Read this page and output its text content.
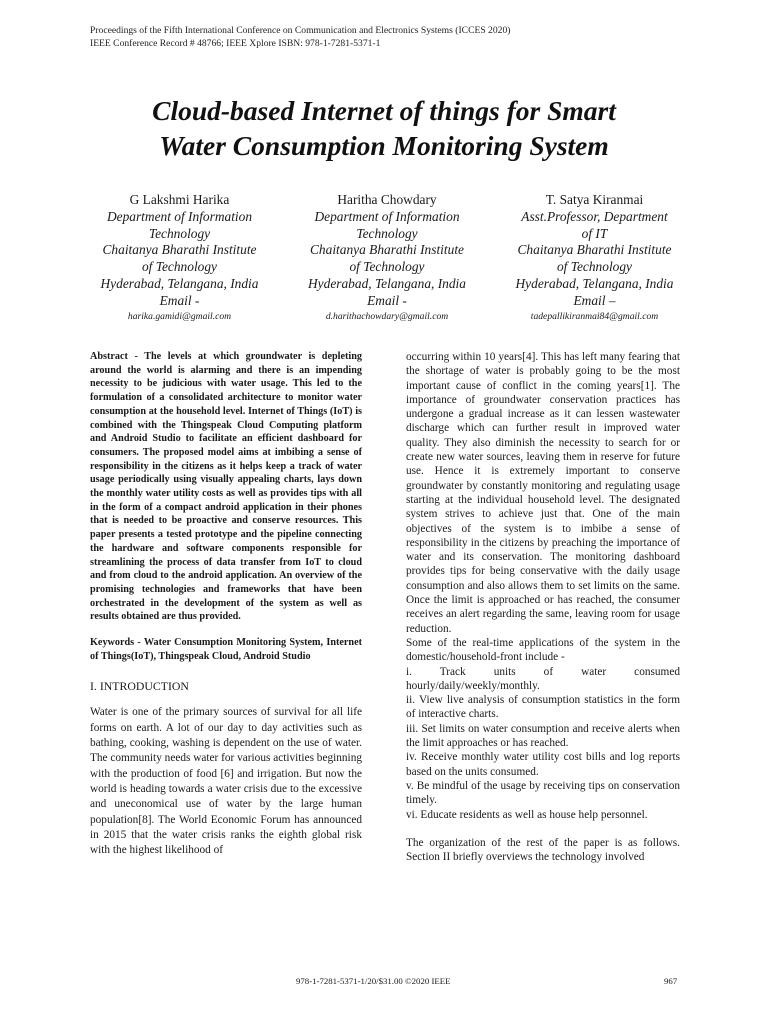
Proceedings of the Fifth International Conference on Communication and Electronics Systems (ICCES 2020)
IEEE Conference Record # 48766; IEEE Xplore ISBN: 978-1-7281-5371-1
Cloud-based Internet of things for Smart
Water Consumption Monitoring System
G Lakshmi Harika
Department of Information
Technology
Chaitanya Bharathi Institute
of Technology
Hyderabad, Telangana, India
Email -
harika.gamidi@gmail.com
Haritha Chowdary
Department of Information
Technology
Chaitanya Bharathi Institute
of Technology
Hyderabad, Telangana, India
Email -
d.harithachowdary@gmail.com
T. Satya Kiranmai
Asst.Professor, Department
of IT
Chaitanya Bharathi Institute
of Technology
Hyderabad, Telangana, India
Email –
tadepallikiranmai84@gmail.com

Abstract - The levels at which groundwater is depleting around the world is alarming and there is an impending necessity to be judicious with water usage. This led to the formulation of a consolidated architecture to monitor water consumption at the household level. Internet of Things (IoT) is combined with the Thingspeak Cloud Computing platform and Android Studio to facilitate an efficient dashboard for consumers. The proposed model aims at imbibing a sense of responsibility in the citizens as it helps keep a track of water usage periodically using visually appealing charts, lays down the monthly water utility costs as well as provides tips with all in the form of a compact android application in their phones that is needed to be proactive and conserve resources. This paper presents a tested prototype and the pipeline connecting the hardware and software components responsible for streamlining the process of data transfer from IoT to cloud and from cloud to the android application. An overview of the promising technologies and frameworks that have been orchestrated in the development of the system as well as results obtained are thus provided.

Keywords - Water Consumption Monitoring System, Internet of Things(IoT), Thingspeak Cloud, Android Studio

I. INTRODUCTION

Water is one of the primary sources of survival for all life forms on earth. A lot of our day to day activities such as bathing, cooking, washing is dependent on the use of water. The community needs water for various activities beginning with the production of food [6] and irrigation. But now the world is heading towards a water crisis due to the excessive and uneconomical use of water by the large human population[8]. The World Economic Forum has announced in 2015 that the water crisis ranks the eighth global risk with the highest likelihood of

occurring within 10 years[4]. This has left many fearing that the shortage of water is probably going to be the most important cause of conflict in the coming years[1]. The importance of groundwater conservation practices has undergone a gradual increase as it can lessen wastewater discharge which can further result in improved water quality. They also diminish the necessity to search for or create new water sources, leaving them in reserve for future use. Hence it is extremely important to conserve groundwater by constantly monitoring and regulating usage starting at the individual household level. The designated system strives to achieve just that. One of the main objectives of the system is to imbibe a sense of responsibility in the citizens by preaching the importance of water and its conservation. The monitoring dashboard provides tips for being conservative with the daily usage consumption and also allows them to set limits on the same. Once the limit is approached or has reached, the consumer receives an alert regarding the same, leaving room for usage reduction.

Some of the real-time applications of the system in the domestic/household-front include -

i. Track units of water consumed hourly/daily/weekly/monthly.

ii. View live analysis of consumption statistics in the form of interactive charts.

iii. Set limits on water consumption and receive alerts when the limit approaches or has reached.

iv. Receive monthly water utility cost bills and log reports based on the units consumed.

v. Be mindful of the usage by receiving tips on conservation timely.

vi. Educate residents as well as house help personnel.

The organization of the rest of the paper is as follows. Section II briefly overviews the technology involved

978-1-7281-5371-1/20/$31.00 ©2020 IEEE	967
